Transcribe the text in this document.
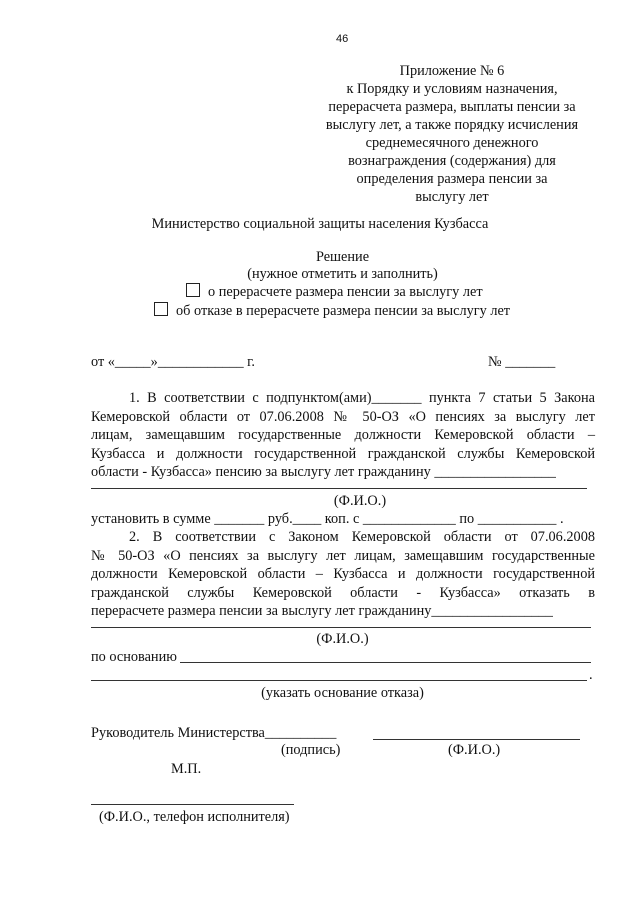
46
Приложение № 6
к Порядку и условиям назначения,
перерасчета размера, выплаты пенсии за
выслугу лет, а также порядку исчисления
среднемесячного денежного
вознаграждения (содержания) для
определения размера пенсии за
выслугу лет
Министерство социальной защиты населения Кузбасса
Решение
(нужное отметить и заполнить)
о перерасчете размера пенсии за выслугу лет
об отказе в перерасчете размера пенсии за выслугу лет
от «_____»____________ г.	№ _______
1. В соответствии с подпунктом(ами)_______ пункта 7 статьи 5 Закона
Кемеровской области от 07.06.2008 № 50-ОЗ «О пенсиях за выслугу лет
лицам, замещавшим государственные должности Кемеровской области –
Кузбасса и должности государственной гражданской службы Кемеровской
области - Кузбасса» пенсию за выслугу лет гражданину _________________
(Ф.И.О.)
установить в сумме _______ руб.____ коп. с _____________ по ___________ .
2. В соответствии с Законом Кемеровской области от 07.06.2008
№ 50-ОЗ «О пенсиях за выслугу лет лицам, замещавшим государственные
должности Кемеровской области – Кузбасса и должности государственной
гражданской службы Кемеровской области - Кузбасса» отказать в
перерасчете размера пенсии за выслугу лет гражданину_________________
(Ф.И.О.)
по основанию
.
(указать основание отказа)
Руководитель Министерства__________
(подпись)	(Ф.И.О.)
М.П.
(Ф.И.О., телефон исполнителя)
